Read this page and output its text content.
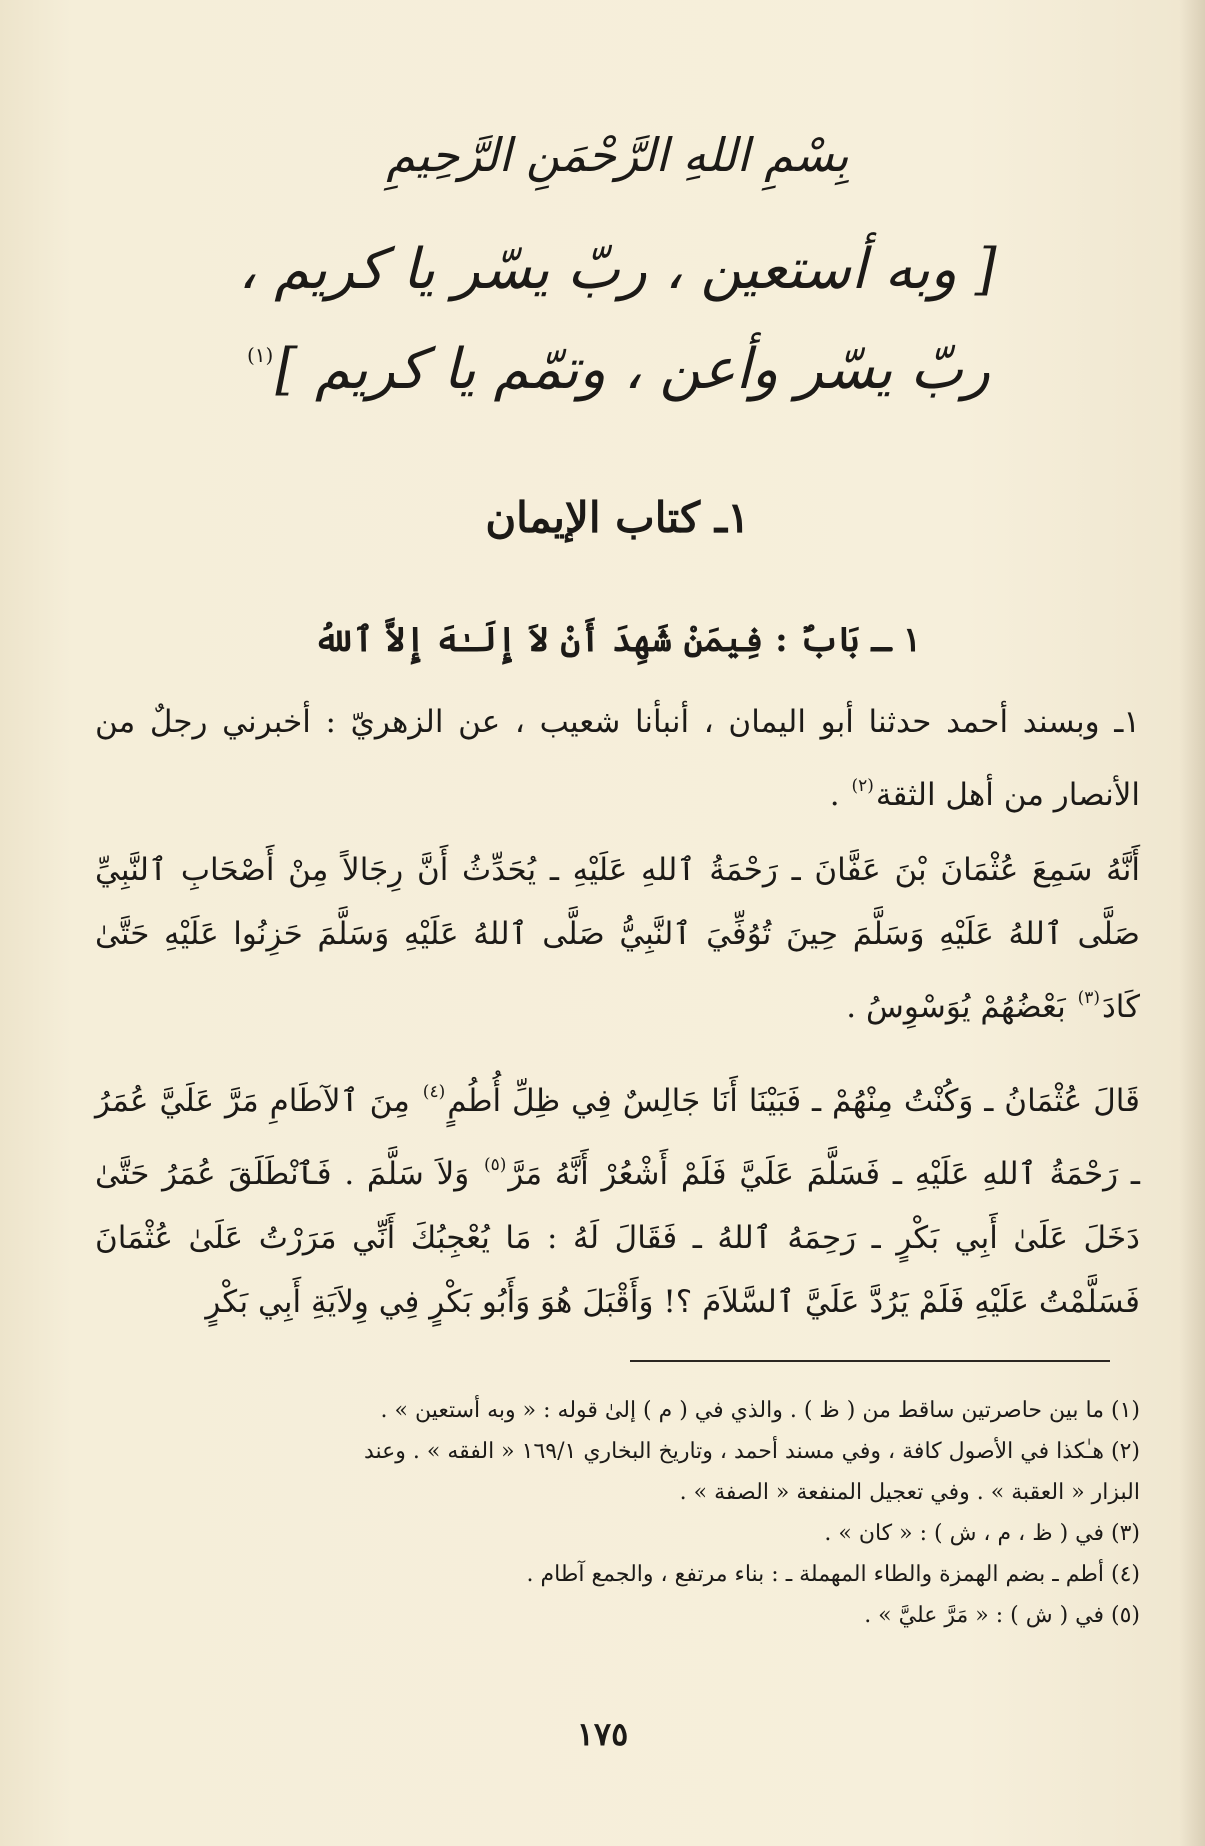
بِسْمِ اللهِ الرَّحْمَنِ الرَّحِيمِ
[ وبه أستعين ، ربّ يسّر يا كريم ،
ربّ يسّر وأعن ، وتمّم يا كريم ]$^{(١)}$
١ـ كتاب الإيمان
١ ـ بَابٌ : فِيمَنْ شَهِدَ أَنْ لاَ إِلَـٰهَ إِلاَّ ٱللهُ
١ـ وبسند أحمد حدثنا أبو اليمان ، أنبأنا شعيب ، عن الزهريّ : أخبرني رجلٌ من الأنصار من أهل الثقة$^{(٢)}$ .
أَنَّهُ سَمِعَ عُثْمَانَ بْنَ عَفَّانَ ـ رَحْمَةُ ٱللهِ عَلَيْهِ ـ يُحَدِّثُ أَنَّ رِجَالاً مِنْ أَصْحَابِ ٱلنَّبِيِّ صَلَّى ٱللهُ عَلَيْهِ وَسَلَّمَ حِينَ تُوُفِّيَ ٱلنَّبِيُّ صَلَّى ٱللهُ عَلَيْهِ وَسَلَّمَ حَزِنُوا عَلَيْهِ حَتَّىٰ كَادَ$^{(٣)}$ بَعْضُهُمْ يُوَسْوِسُ .
قَالَ عُثْمَانُ ـ وَكُنْتُ مِنْهُمْ ـ فَبَيْنَا أَنَا جَالِسٌ فِي ظِلِّ أُطُمٍ$^{(٤)}$ مِنَ ٱلآطَامِ مَرَّ عَلَيَّ عُمَرُ ـ رَحْمَةُ ٱللهِ عَلَيْهِ ـ فَسَلَّمَ عَلَيَّ فَلَمْ أَشْعُرْ أَنَّهُ مَرَّ$^{(٥)}$ وَلاَ سَلَّمَ . فَٱنْطَلَقَ عُمَرُ حَتَّىٰ دَخَلَ عَلَىٰ أَبِي بَكْرٍ ـ رَحِمَهُ ٱللهُ ـ فَقَالَ لَهُ : مَا يُعْجِبُكَ أَنِّي مَرَرْتُ عَلَىٰ عُثْمَانَ فَسَلَّمْتُ عَلَيْهِ فَلَمْ يَرُدَّ عَلَيَّ ٱلسَّلاَمَ ؟! وَأَقْبَلَ هُوَ وَأَبُو بَكْرٍ فِي وِلاَيَةِ أَبِي بَكْرٍ
(١) ما بين حاصرتين ساقط من ( ظ ) . والذي في ( م ) إلىٰ قوله : « وبه أستعين » .
(٢) هـٰكذا في الأصول كافة ، وفي مسند أحمد ، وتاريخ البخاري ١٦٩/١ « الفقه » . وعند
البزار « العقبة » . وفي تعجيل المنفعة « الصفة » .
(٣) في ( ظ ، م ، ش ) : « كان » .
(٤) أطم ـ بضم الهمزة والطاء المهملة ـ : بناء مرتفع ، والجمع آطام .
(٥) في ( ش ) : « مَرَّ عليَّ » .
١٧٥
